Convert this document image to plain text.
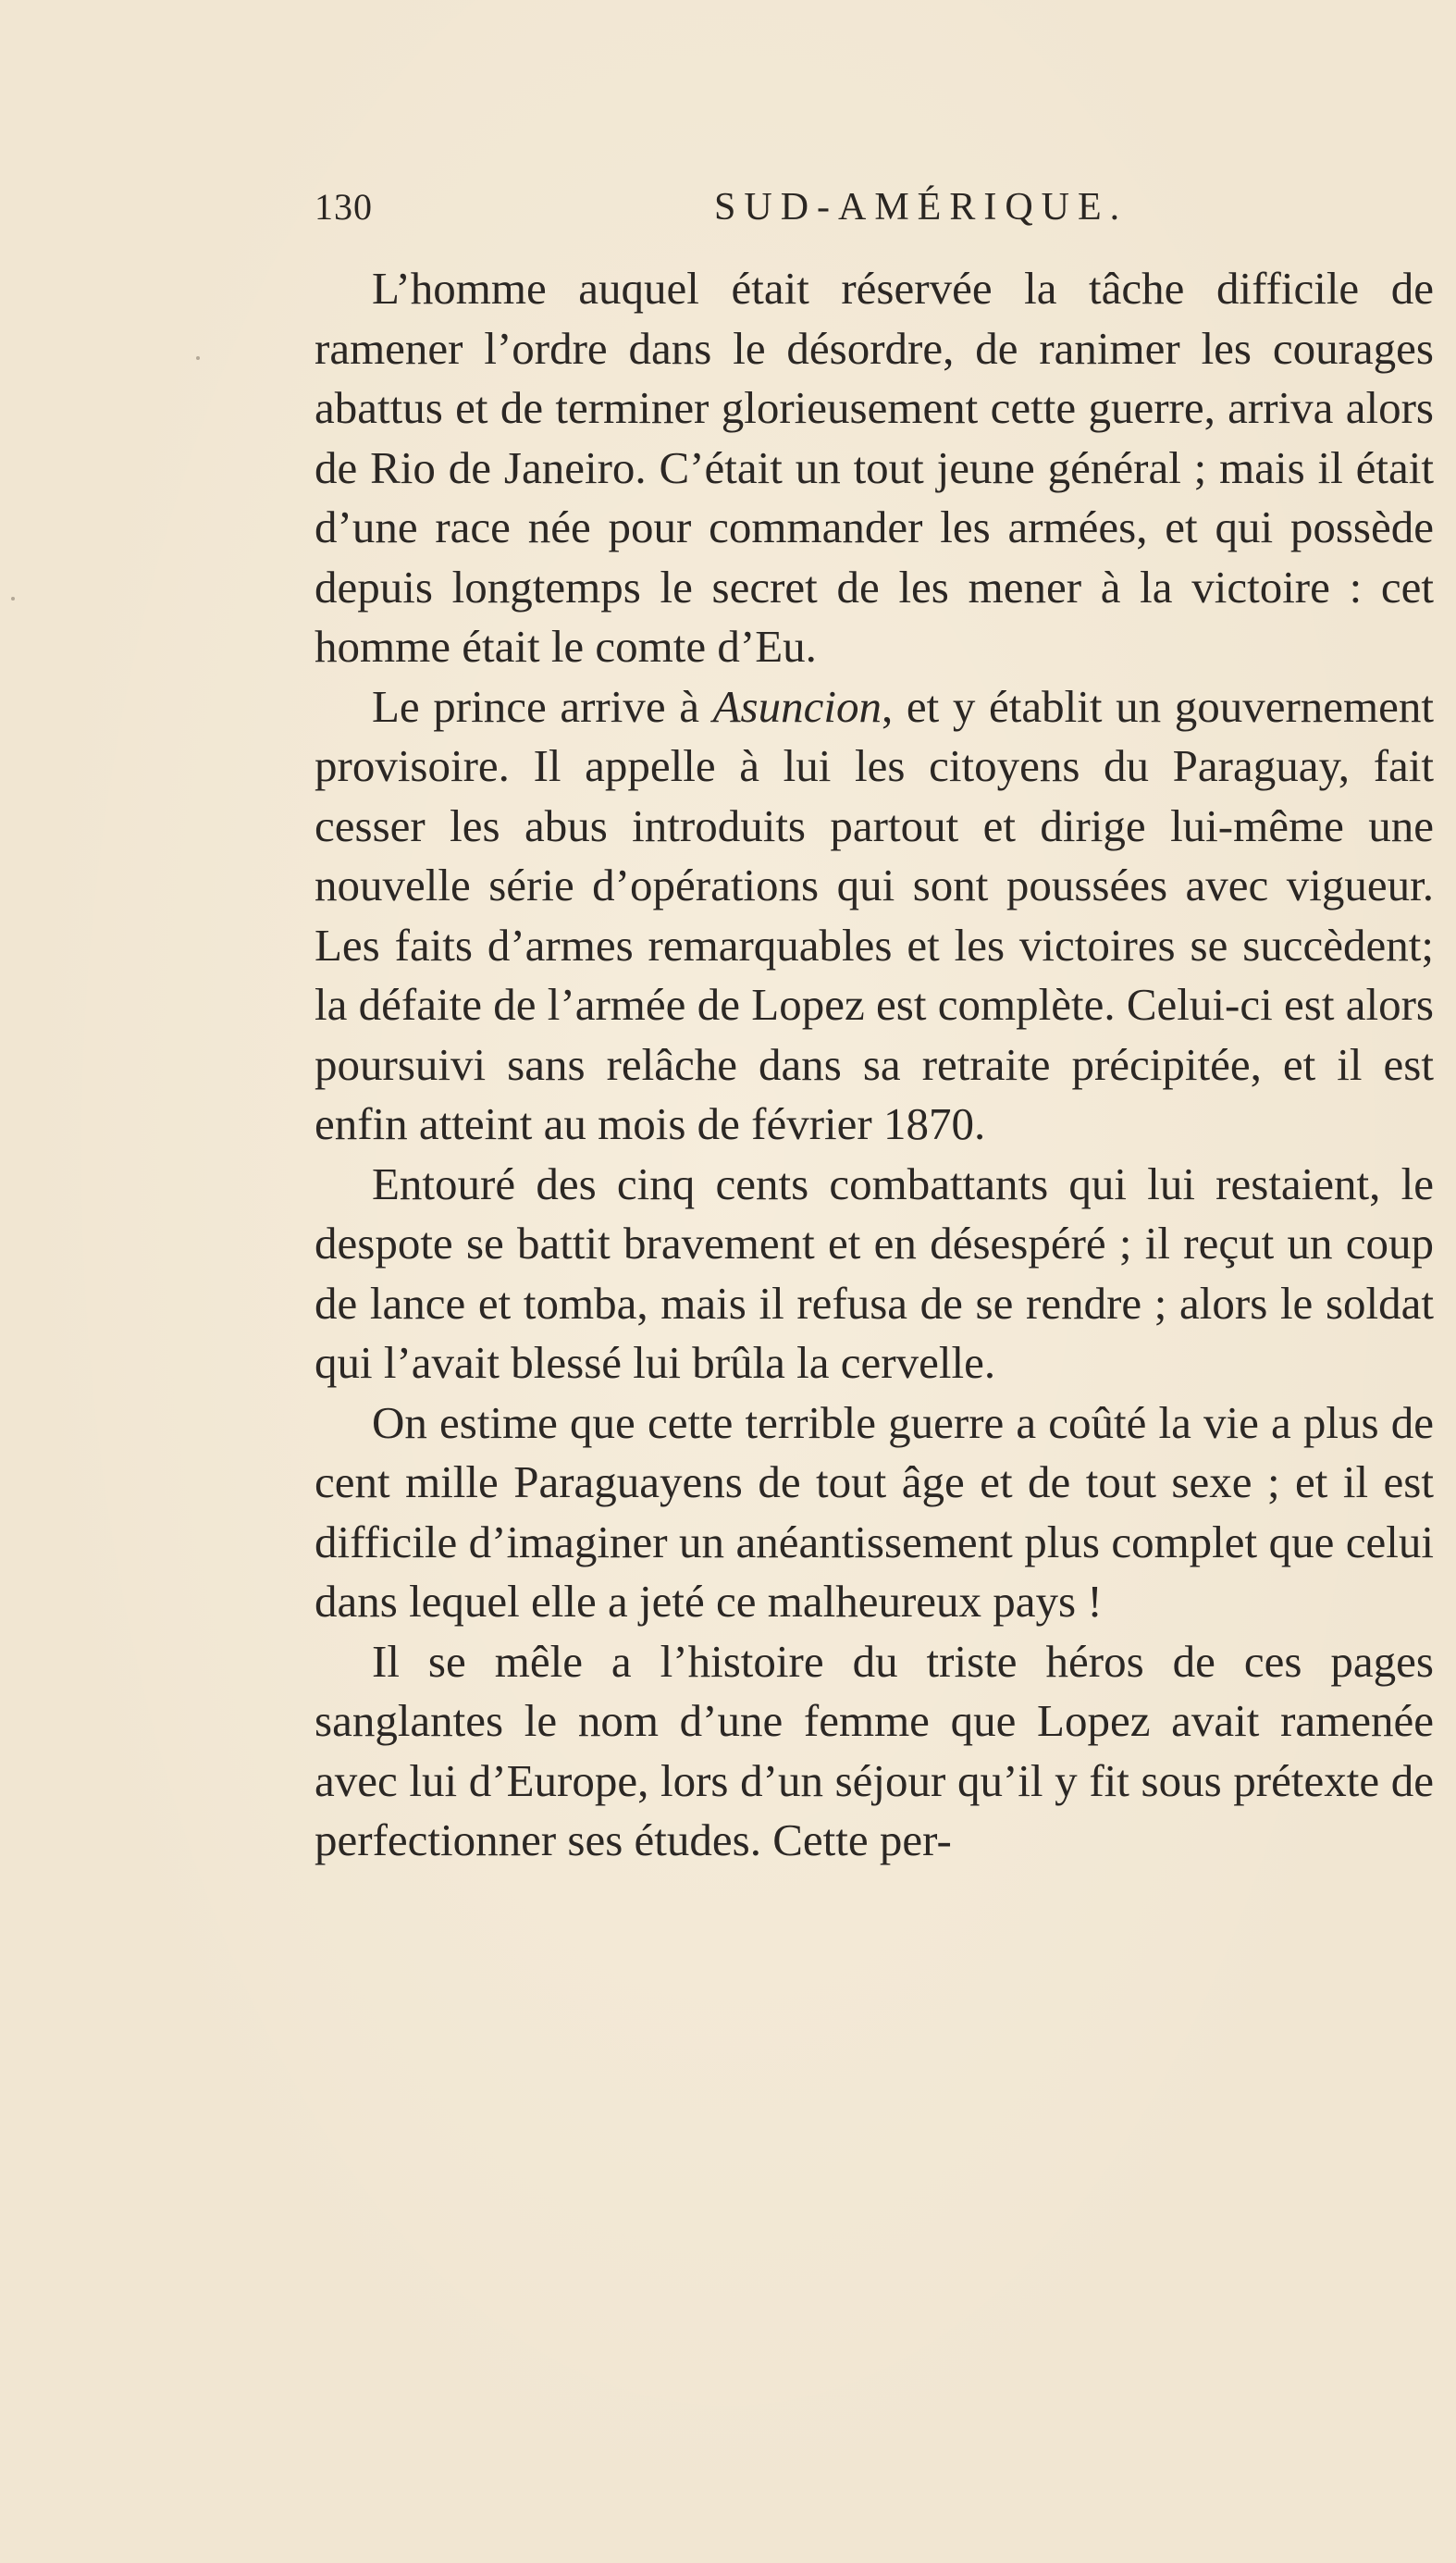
130	SUD-AMÉRIQUE.

L’homme auquel était réservée la tâche difficile de ramener l’ordre dans le désordre, de ranimer les courages abattus et de terminer glorieusement cette guerre, arriva alors de Rio de Janeiro. C’était un tout jeune général ; mais il était d’une race née pour commander les armées, et qui possède depuis longtemps le secret de les mener à la victoire : cet homme était le comte d’Eu.

Le prince arrive à Asuncion, et y établit un gouvernement provisoire. Il appelle à lui les citoyens du Paraguay, fait cesser les abus introduits partout et dirige lui-même une nouvelle série d’opérations qui sont poussées avec vigueur. Les faits d’armes remarquables et les victoires se succèdent; la défaite de l’armée de Lopez est complète. Celui-ci est alors poursuivi sans relâche dans sa retraite précipitée, et il est enfin atteint au mois de février 1870.

Entouré des cinq cents combattants qui lui restaient, le despote se battit bravement et en désespéré ; il reçut un coup de lance et tomba, mais il refusa de se rendre ; alors le soldat qui l’avait blessé lui brûla la cervelle.

On estime que cette terrible guerre a coûté la vie a plus de cent mille Paraguayens de tout âge et de tout sexe ; et il est difficile d’imaginer un anéantissement plus complet que celui dans lequel elle a jeté ce malheureux pays !

Il se mêle a l’histoire du triste héros de ces pages sanglantes le nom d’une femme que Lopez avait ramenée avec lui d’Europe, lors d’un séjour qu’il y fit sous prétexte de perfectionner ses études. Cette per-
